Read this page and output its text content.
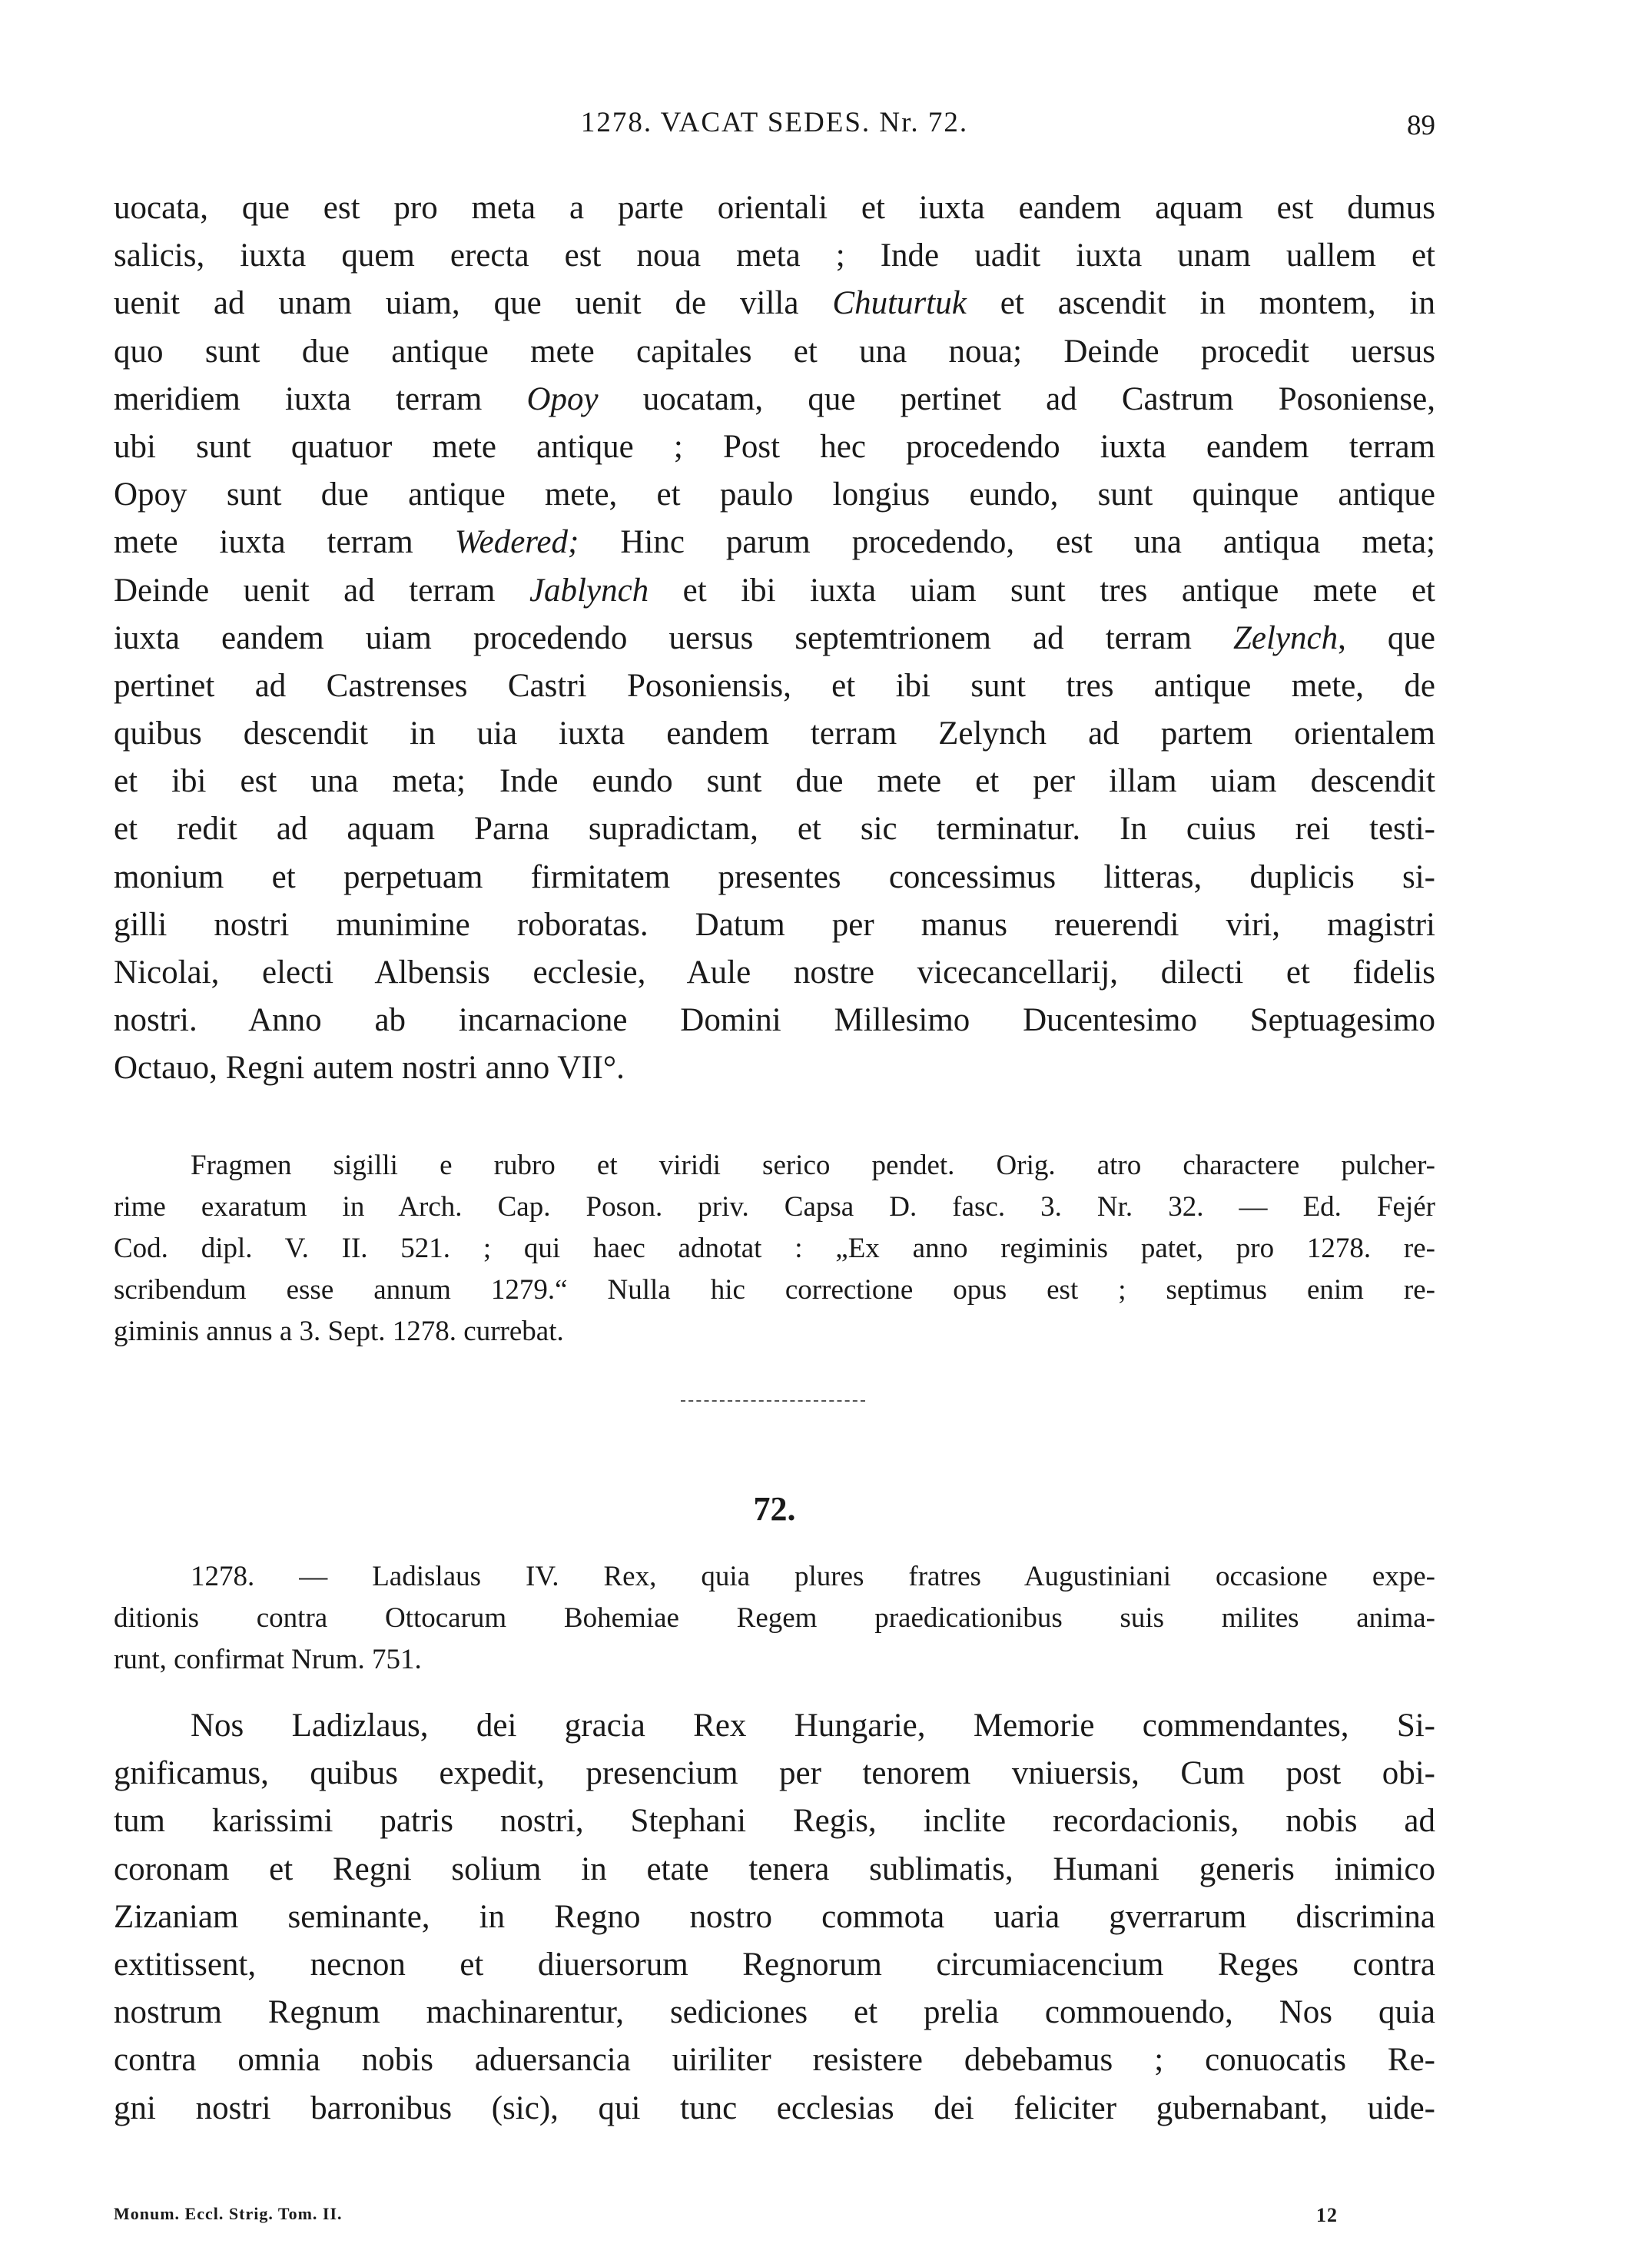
1278. VACAT SEDES. Nr. 72.	89
uocata, que est pro meta a parte orientali et iuxta eandem aquam est dumus
salicis, iuxta quem erecta est noua meta ; Inde uadit iuxta unam uallem et
uenit ad unam uiam, que uenit de villa Chuturtuk et ascendit in montem, in
quo sunt due antique mete capitales et una noua; Deinde procedit uersus
meridiem iuxta terram Opoy uocatam, que pertinet ad Castrum Posoniense,
ubi sunt quatuor mete antique ; Post hec procedendo iuxta eandem terram
Opoy sunt due antique mete, et paulo longius eundo, sunt quinque antique
mete iuxta terram Wedered; Hinc parum procedendo, est una antiqua meta;
Deinde uenit ad terram Jablynch et ibi iuxta uiam sunt tres antique mete et
iuxta eandem uiam procedendo uersus septemtrionem ad terram Zelynch, que
pertinet ad Castrenses Castri Posoniensis, et ibi sunt tres antique mete, de
quibus descendit in uia iuxta eandem terram Zelynch ad partem orientalem
et ibi est una meta; Inde eundo sunt due mete et per illam uiam descendit
et redit ad aquam Parna supradictam, et sic terminatur. In cuius rei testi-
monium et perpetuam firmitatem presentes concessimus litteras, duplicis si-
gilli nostri munimine roboratas. Datum per manus reuerendi viri, magistri
Nicolai, electi Albensis ecclesie, Aule nostre vicecancellarij, dilecti et fidelis
nostri. Anno ab incarnacione Domini Millesimo Ducentesimo Septuagesimo
Octauo, Regni autem nostri anno VII°.
Fragmen sigilli e rubro et viridi serico pendet. Orig. atro charactere pulcher-
rime exaratum in Arch. Cap. Poson. priv. Capsa D. fasc. 3. Nr. 32. — Ed. Fejér
Cod. dipl. V. II. 521. ; qui haec adnotat : „Ex anno regiminis patet, pro 1278. re-
scribendum esse annum 1279.“ Nulla hic correctione opus est ; septimus enim re-
giminis annus a 3. Sept. 1278. currebat.
72.
1278. — Ladislaus IV. Rex, quia plures fratres Augustiniani occasione expe-
ditionis contra Ottocarum Bohemiae Regem praedicationibus suis milites anima-
runt, confirmat Nrum. 751.
Nos Ladizlaus, dei gracia Rex Hungarie, Memorie commendantes, Si-
gnificamus, quibus expedit, presencium per tenorem vniuersis, Cum post obi-
tum karissimi patris nostri, Stephani Regis, inclite recordacionis, nobis ad
coronam et Regni solium in etate tenera sublimatis, Humani generis inimico
Zizaniam seminante, in Regno nostro commota uaria gverrarum discrimina
extitissent, necnon et diuersorum Regnorum circumiacencium Reges contra
nostrum Regnum machinarentur, sediciones et prelia commouendo, Nos quia
contra omnia nobis aduersancia uiriliter resistere debebamus ; conuocatis Re-
gni nostri barronibus (sic), qui tunc ecclesias dei feliciter gubernabant, uide-
Monum. Eccl. Strig. Tom. II.	12
